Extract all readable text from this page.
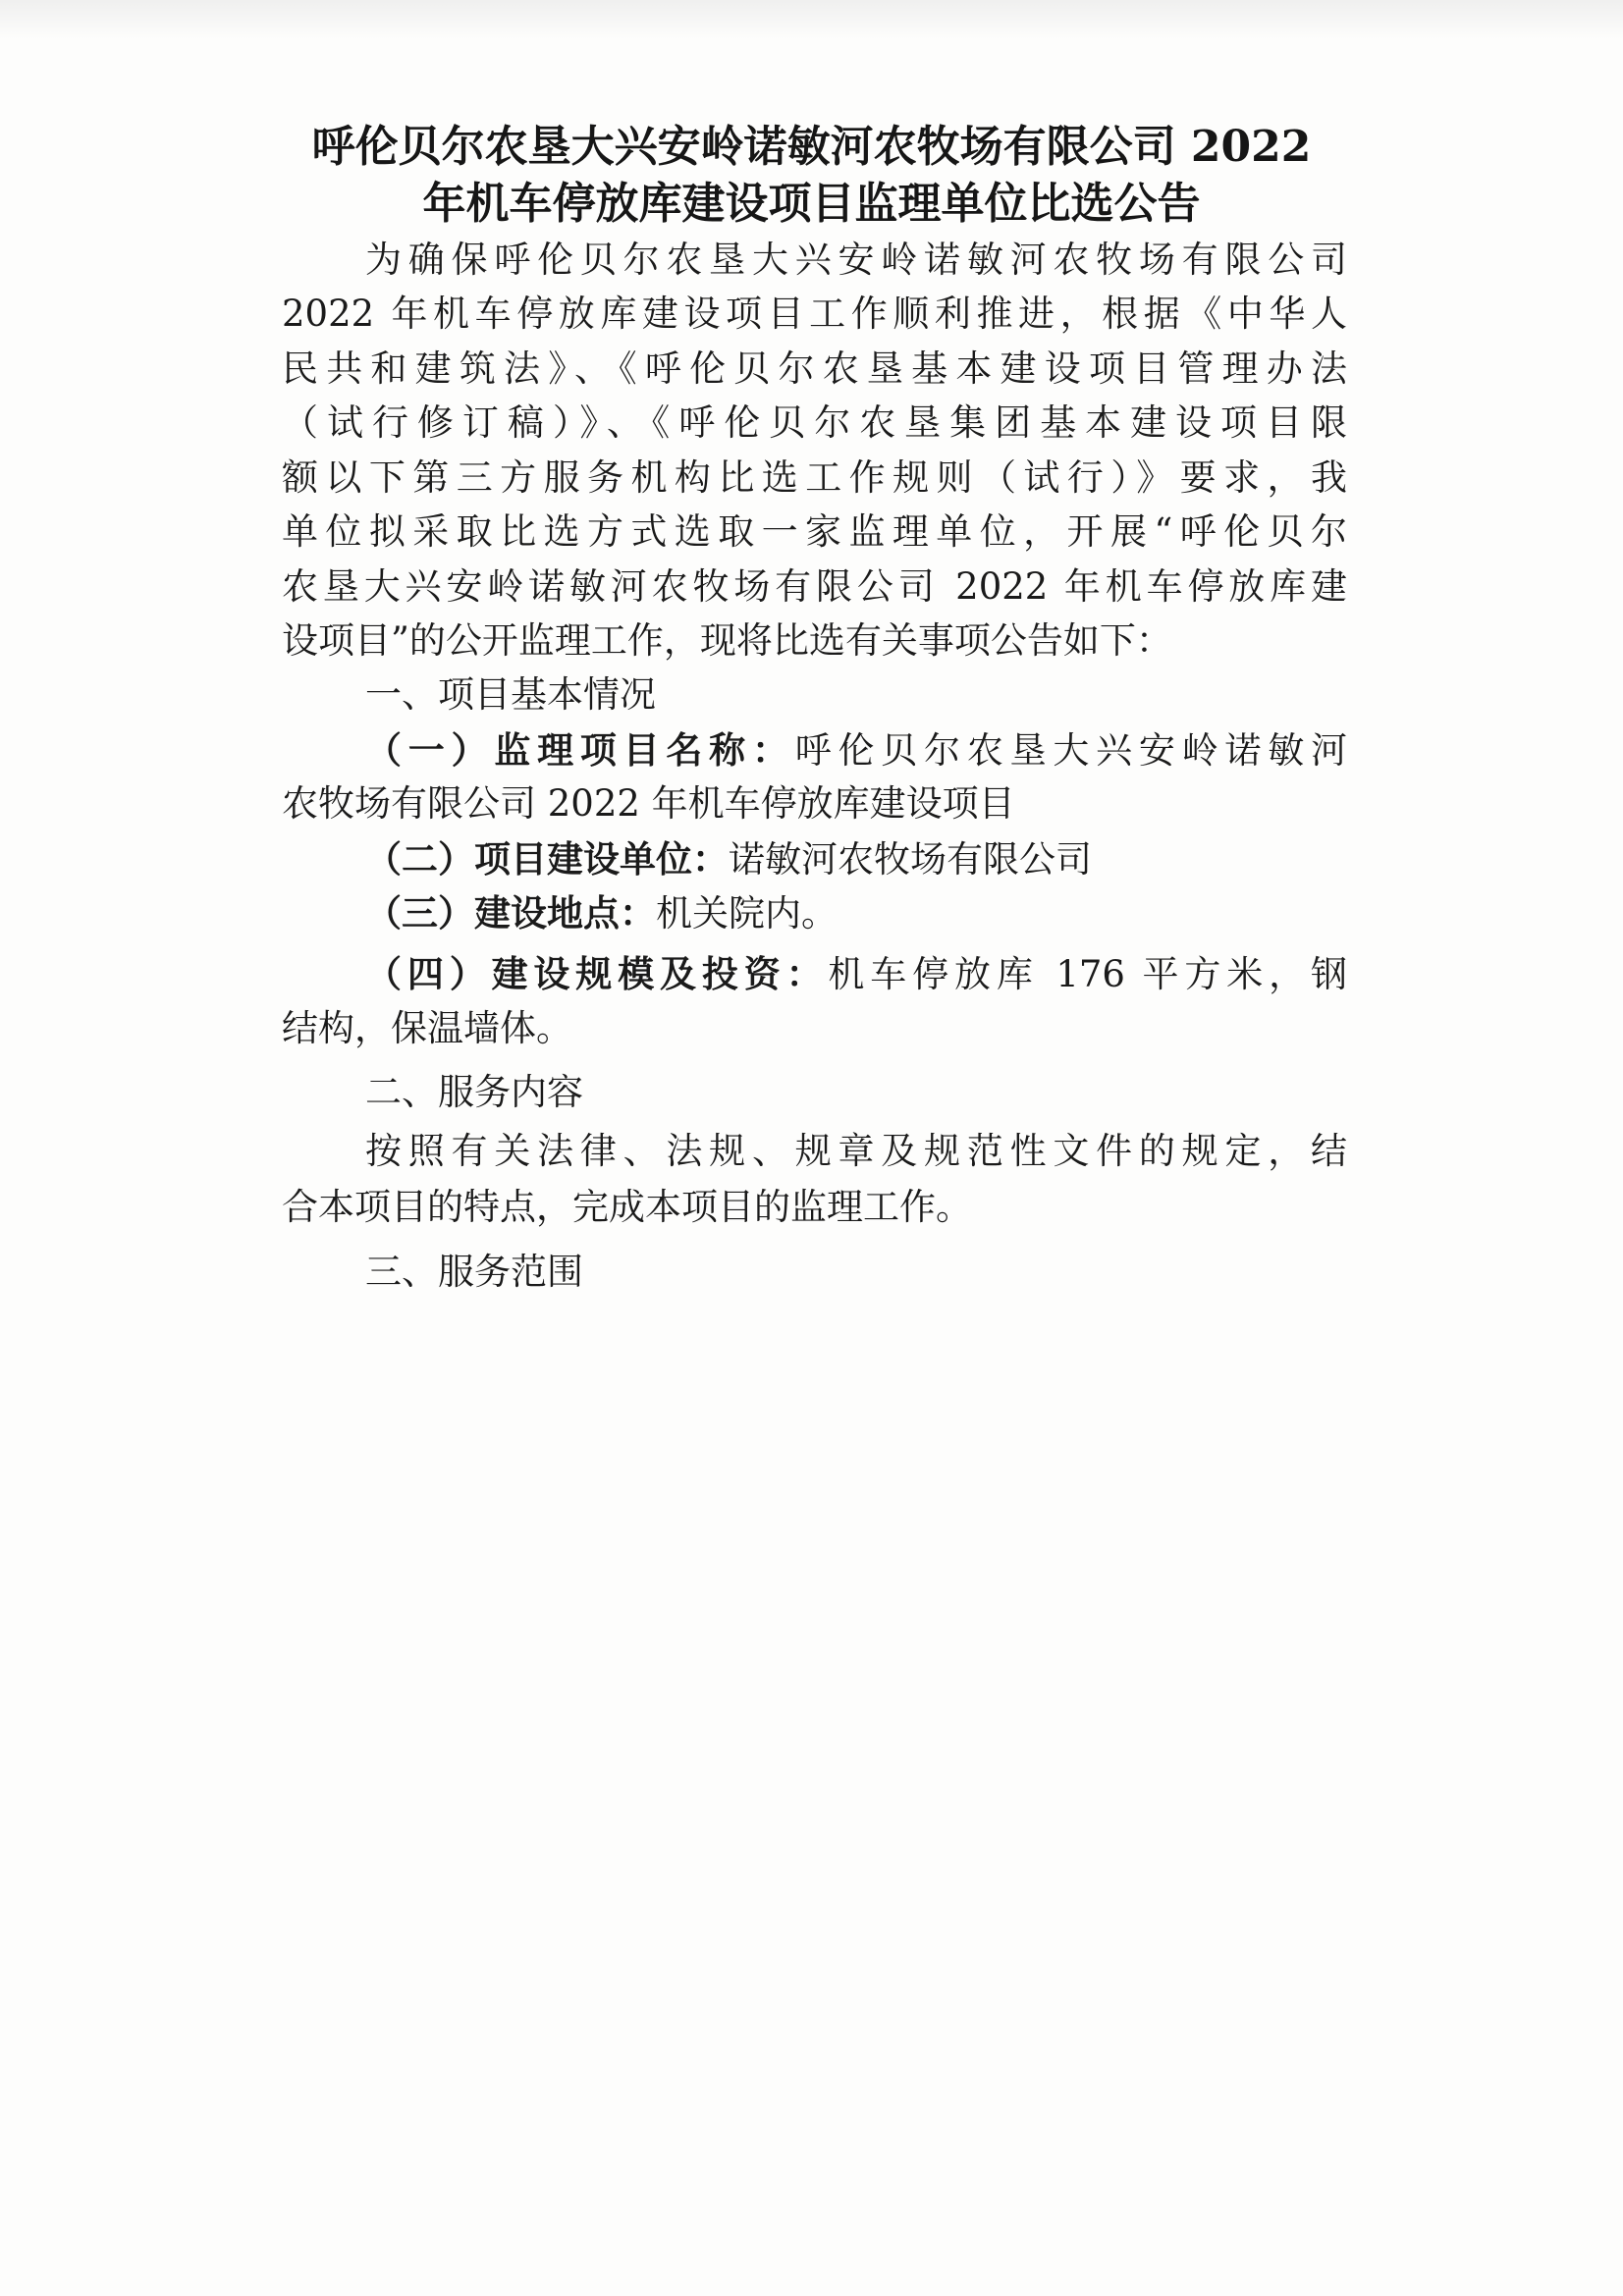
呼伦贝尔农垦大兴安岭诺敏河农牧场有限公司 2022
年机车停放库建设项目监理单位比选公告
为确保呼伦贝尔农垦大兴安岭诺敏河农牧场有限公司
2022 年机车停放库建设项目工作顺利推进，根据《中华人
民共和建筑法》、《呼伦贝尔农垦基本建设项目管理办法
（试行修订稿）》、《呼伦贝尔农垦集团基本建设项目限
额以下第三方服务机构比选工作规则（试行）》要求，我
单位拟采取比选方式选取一家监理单位，开展“呼伦贝尔
农垦大兴安岭诺敏河农牧场有限公司 2022 年机车停放库建
设项目”的公开监理工作，现将比选有关事项公告如下：
一、项目基本情况
（一）监理项目名称：呼伦贝尔农垦大兴安岭诺敏河
农牧场有限公司 2022 年机车停放库建设项目
（二）项目建设单位：诺敏河农牧场有限公司
（三）建设地点：机关院内。
（四）建设规模及投资：机车停放库 176 平方米，钢
结构，保温墙体。
二、服务内容
按照有关法律、法规、规章及规范性文件的规定，结
合本项目的特点，完成本项目的监理工作。
三、服务范围
